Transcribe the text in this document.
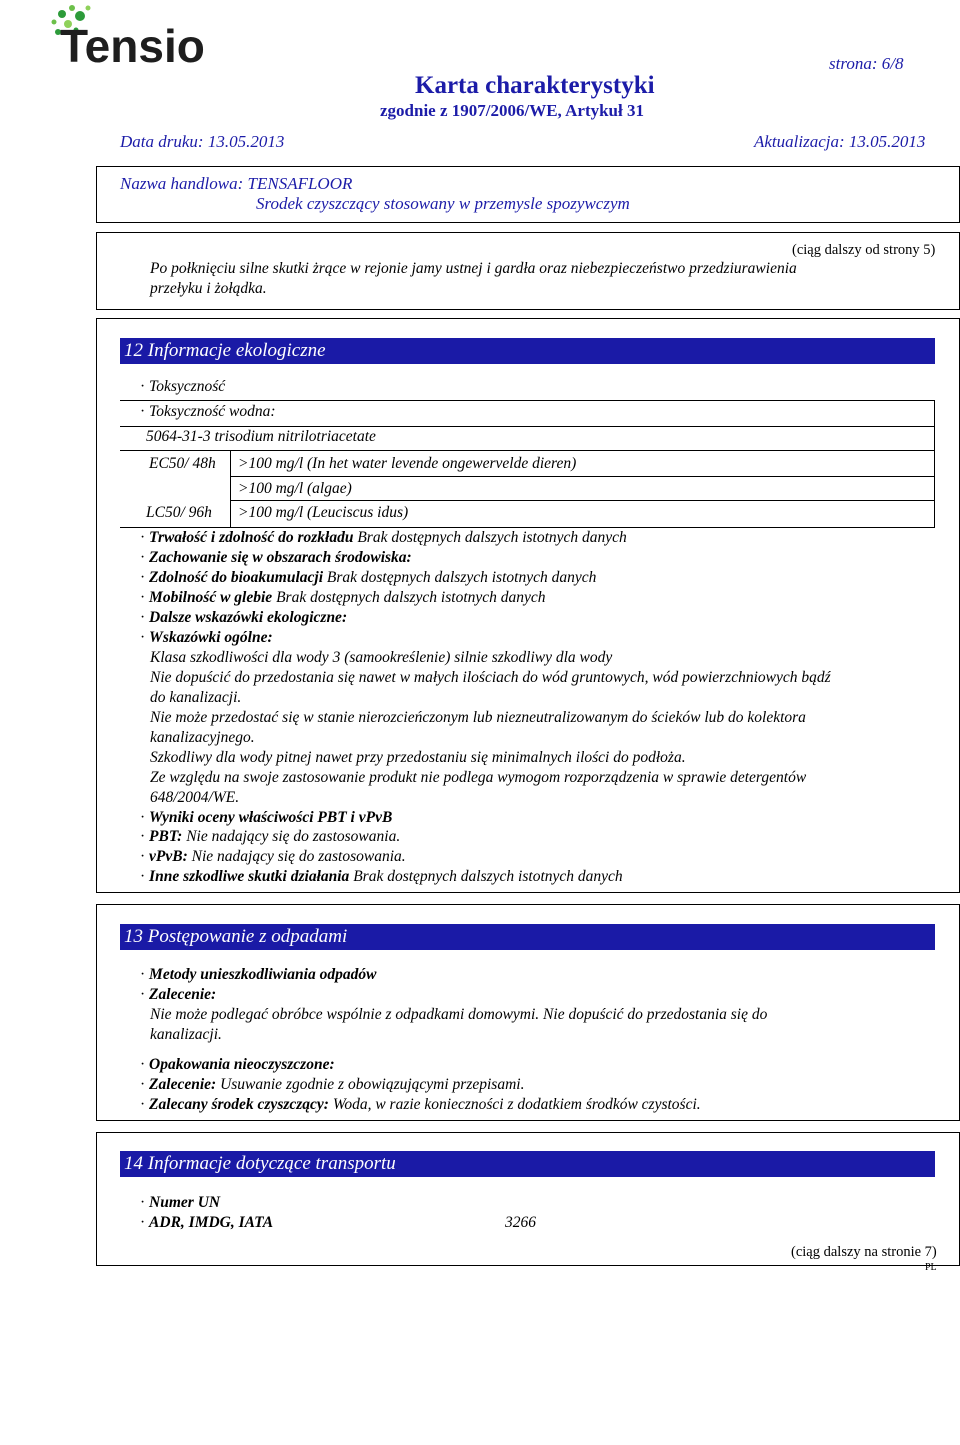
Tensio	strona: 6/8
Karta charakterystyki
zgodnie z 1907/2006/WE, Artykuł 31
Data druku: 13.05.2013	Aktualizacja: 13.05.2013
Nazwa handlowa: TENSAFLOOR
Srodek czyszczący stosowany w przemysle spozywczym
(ciąg dalszy od strony 5)
Po połknięciu silne skutki żrące w rejonie jamy ustnej i gardła oraz niebezpieczeństwo przedziurawienia
przełyku i żołądka.
12 Informacje ekologiczne
· Toksyczność
· Toksyczność wodna:
5064-31-3 trisodium nitrilotriacetate
EC50/ 48h >100 mg/l (In het water levende ongewervelde dieren)
>100 mg/l (algae)
LC50/ 96h >100 mg/l (Leuciscus idus)
· Trwałość i zdolność do rozkładu Brak dostępnych dalszych istotnych danych
· Zachowanie się w obszarach środowiska:
· Zdolność do bioakumulacji Brak dostępnych dalszych istotnych danych
· Mobilność w glebie Brak dostępnych dalszych istotnych danych
· Dalsze wskazówki ekologiczne:
· Wskazówki ogólne:
Klasa szkodliwości dla wody 3 (samookreślenie) silnie szkodliwy dla wody
Nie dopuścić do przedostania się nawet w małych ilościach do wód gruntowych, wód powierzchniowych bądź
do kanalizacji.
Nie może przedostać się w stanie nierozcieńczonym lub niezneutralizowanym do ścieków lub do kolektora
kanalizacyjnego.
Szkodliwy dla wody pitnej nawet przy przedostaniu się minimalnych ilości do podłoża.
Ze względu na swoje zastosowanie produkt nie podlega wymogom rozporządzenia w sprawie detergentów
648/2004/WE.
· Wyniki oceny właściwości PBT i vPvB
· PBT: Nie nadający się do zastosowania.
· vPvB: Nie nadający się do zastosowania.
· Inne szkodliwe skutki działania Brak dostępnych dalszych istotnych danych
13 Postępowanie z odpadami
· Metody unieszkodliwiania odpadów
· Zalecenie:
Nie może podlegać obróbce wspólnie z odpadkami domowymi. Nie dopuścić do przedostania się do
kanalizacji.
· Opakowania nieoczyszczone:
· Zalecenie: Usuwanie zgodnie z obowiązującymi przepisami.
· Zalecany środek czyszczący: Woda, w razie konieczności z dodatkiem środków czystości.
14 Informacje dotyczące transportu
· Numer UN
· ADR, IMDG, IATA	3266
(ciąg dalszy na stronie 7)
PL
